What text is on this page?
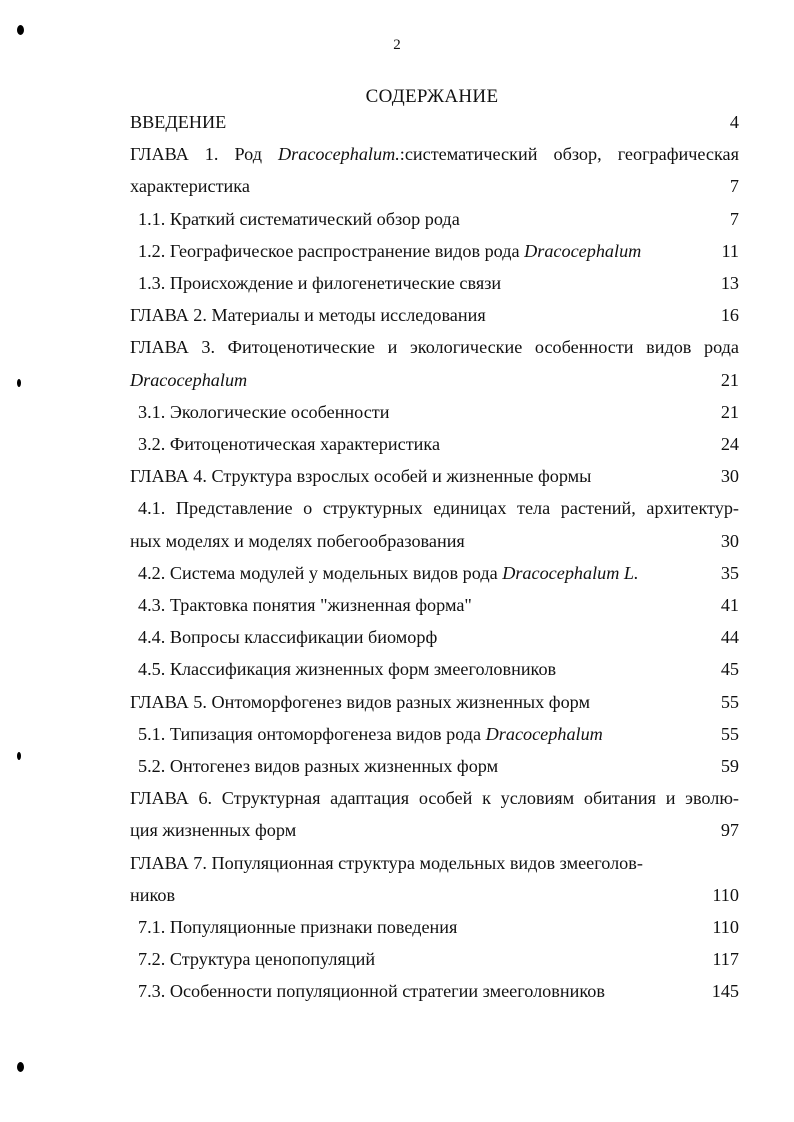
2
СОДЕРЖАНИЕ
ВВЕДЕНИЕ	4
ГЛАВА 1. Род Dracocephalum.:систематический обзор, географическая
характеристика	7
1.1. Краткий систематический обзор рода	7
1.2. Географическое распространение видов рода Dracocephalum	11
1.3. Происхождение и филогенетические связи	13
ГЛАВА 2. Материалы и методы исследования	16
ГЛАВА 3. Фитоценотические и экологические особенности видов рода
Dracocephalum	21
3.1. Экологические особенности	21
3.2. Фитоценотическая характеристика	24
ГЛАВА 4. Структура взрослых особей и жизненные формы	30
4.1. Представление о структурных единицах тела растений, архитектур-
ных моделях и моделях побегообразования	30
4.2. Система модулей у модельных видов рода Dracocephalum L.	35
4.3. Трактовка понятия "жизненная форма"	41
4.4. Вопросы классификации биоморф	44
4.5. Классификация жизненных форм змееголовников	45
ГЛАВА 5. Онтоморфогенез видов разных жизненных форм	55
5.1. Типизация онтоморфогенеза видов рода Dracocephalum	55
5.2. Онтогенез видов разных жизненных форм	59
ГЛАВА 6. Структурная адаптация особей к условиям обитания и эволю-
ция жизненных форм	97
ГЛАВА 7. Популяционная структура модельных видов змееголов-
ников	110
7.1. Популяционные признаки поведения	110
7.2. Структура ценопопуляций	117
7.3. Особенности популяционной стратегии змееголовников	145
